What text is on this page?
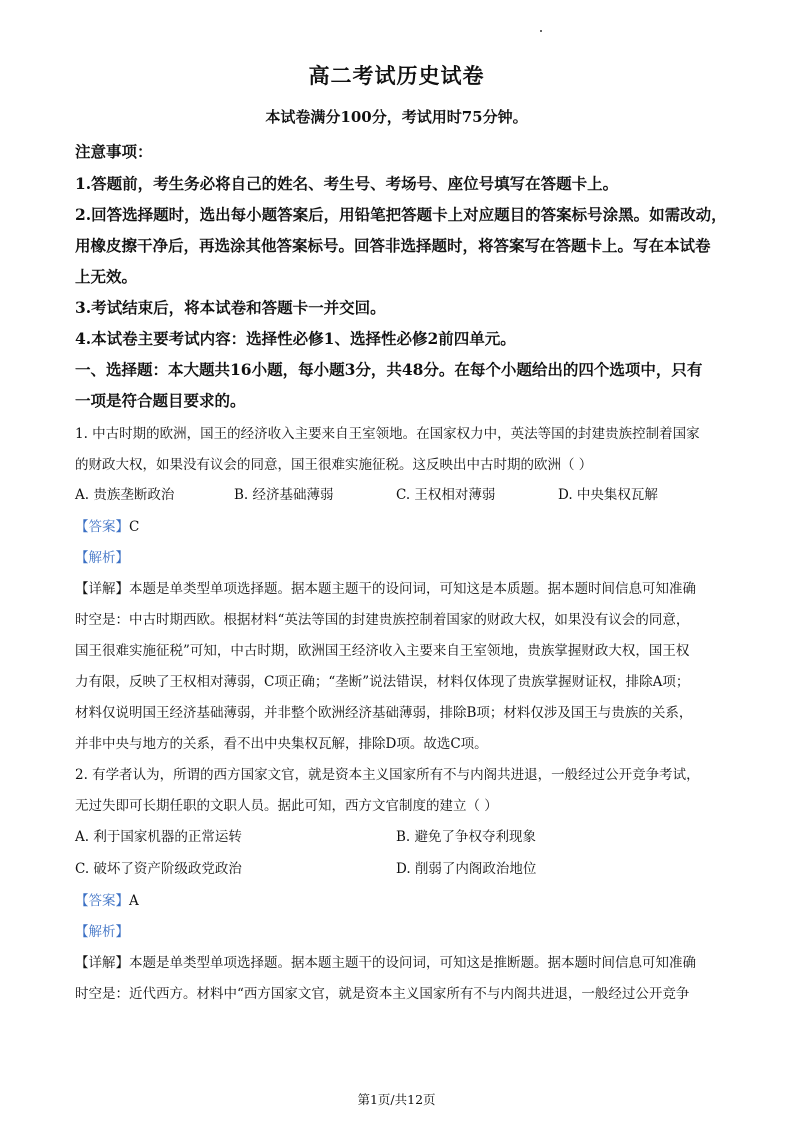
高二考试历史试卷
本试卷满分100分，考试用时75分钟。
注意事项：
1.答题前，考生务必将自己的姓名、考生号、考场号、座位号填写在答题卡上。
2.回答选择题时，选出每小题答案后，用铅笔把答题卡上对应题目的答案标号涂黑。如需改动，
用橡皮擦干净后，再选涂其他答案标号。回答非选择题时，将答案写在答题卡上。写在本试卷
上无效。
3.考试结束后，将本试卷和答题卡一并交回。
4.本试卷主要考试内容：选择性必修1、选择性必修2前四单元。
一、选择题：本大题共16小题，每小题3分，共48分。在每个小题给出的四个选项中，只有
一项是符合题目要求的。
1. 中古时期的欧洲，国王的经济收入主要来自王室领地。在国家权力中，英法等国的封建贵族控制着国家
的财政大权，如果没有议会的同意，国王很难实施征税。这反映出中古时期的欧洲（ ）
A. 贵族垄断政治	B. 经济基础薄弱	C. 王权相对薄弱	D. 中央集权瓦解
【答案】C
【解析】
【详解】本题是单类型单项选择题。据本题主题干的设问词，可知这是本质题。据本题时间信息可知准确
时空是：中古时期西欧。根据材料“英法等国的封建贵族控制着国家的财政大权，如果没有议会的同意，
国王很难实施征税”可知，中古时期，欧洲国王经济收入主要来自王室领地，贵族掌握财政大权，国王权
力有限，反映了王权相对薄弱，C项正确；“垄断”说法错误，材料仅体现了贵族掌握财证权，排除A项；
材料仅说明国王经济基础薄弱，并非整个欧洲经济基础薄弱，排除B项；材料仅涉及国王与贵族的关系，
并非中央与地方的关系，看不出中央集权瓦解，排除D项。故选C项。
2. 有学者认为，所谓的西方国家文官，就是资本主义国家所有不与内阁共进退，一般经过公开竞争考试，
无过失即可长期任职的文职人员。据此可知，西方文官制度的建立（ ）
A. 利于国家机器的正常运转	B. 避免了争权夺利现象
C. 破坏了资产阶级政党政治	D. 削弱了内阁政治地位
【答案】A
【解析】
【详解】本题是单类型单项选择题。据本题主题干的设问词，可知这是推断题。据本题时间信息可知准确
时空是：近代西方。材料中“西方国家文官，就是资本主义国家所有不与内阁共进退，一般经过公开竞争
第1页/共12页
